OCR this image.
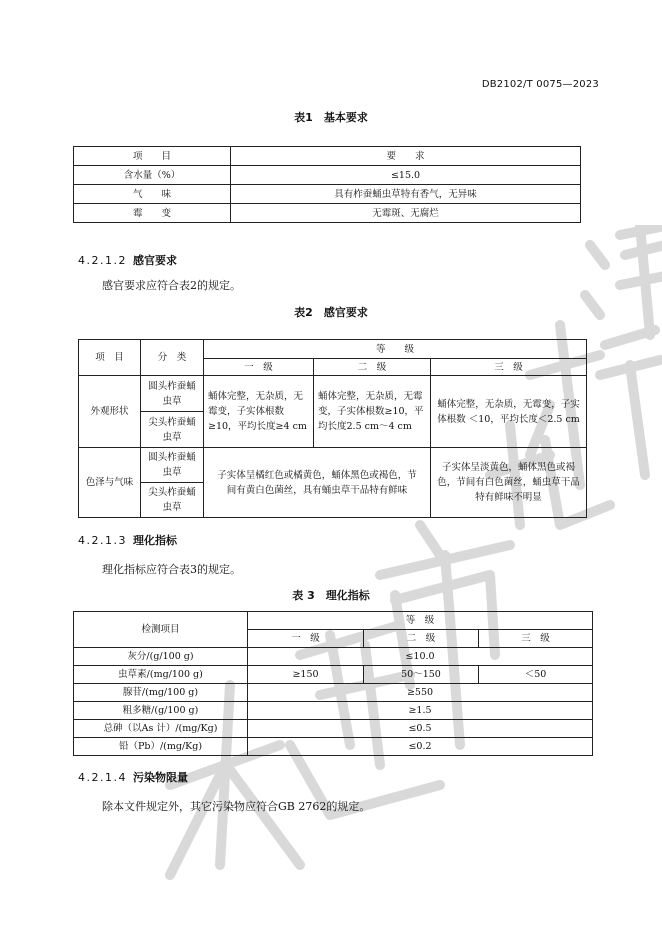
DB2102/T 0075—2023
表1　基本要求
项　　目	要　　求
含水量（%）	≤15.0
气　　味	具有柞蚕蛹虫草特有香气，无异味
霉　　变	无霉斑、无腐烂
4.2.1.2 感官要求
感官要求应符合表2的规定。
表2　感官要求
项　目	分　类	等　　级		
		一　级	二　级	三　级
外观形状	圆头柞蚕蛹虫草	蛹体完整，无杂质，无霉变，子实体根数≥10，平均长度≥4 cm	蛹体完整，无杂质，无霉变，子实体根数≥10，平均长度2.5 cm～4 cm	蛹体完整，无杂质，无霉变，子实体根数 ＜10，平均长度＜2.5 cm
	尖头柞蚕蛹虫草			
色泽与气味	圆头柞蚕蛹虫草	子实体呈橘红色或橘黄色，蛹体黑色或褐色，节间有黄白色菌丝，具有蛹虫草干品特有鲜味		子实体呈淡黄色，蛹体黑色或褐色，节间有白色菌丝，蛹虫草干品特有鲜味不明显
	尖头柞蚕蛹虫草			
4.2.1.3 理化指标
理化指标应符合表3的规定。
表 3　理化指标
检测项目	等　级		
	一　级	二　级	三　级
灰分/(g/100 g)	≤10.0		
虫草素/(mg/100 g)	≥150	50～150	＜50
腺苷/(mg/100 g)	≥550		
粗多糖/(g/100 g)	≥1.5		
总砷（以As 计）/(mg/Kg)	≤0.5		
铅（Pb）/(mg/Kg)	≤0.2		
4.2.1.4 污染物限量
除本文件规定外，其它污染物应符合GB 2762的规定。
